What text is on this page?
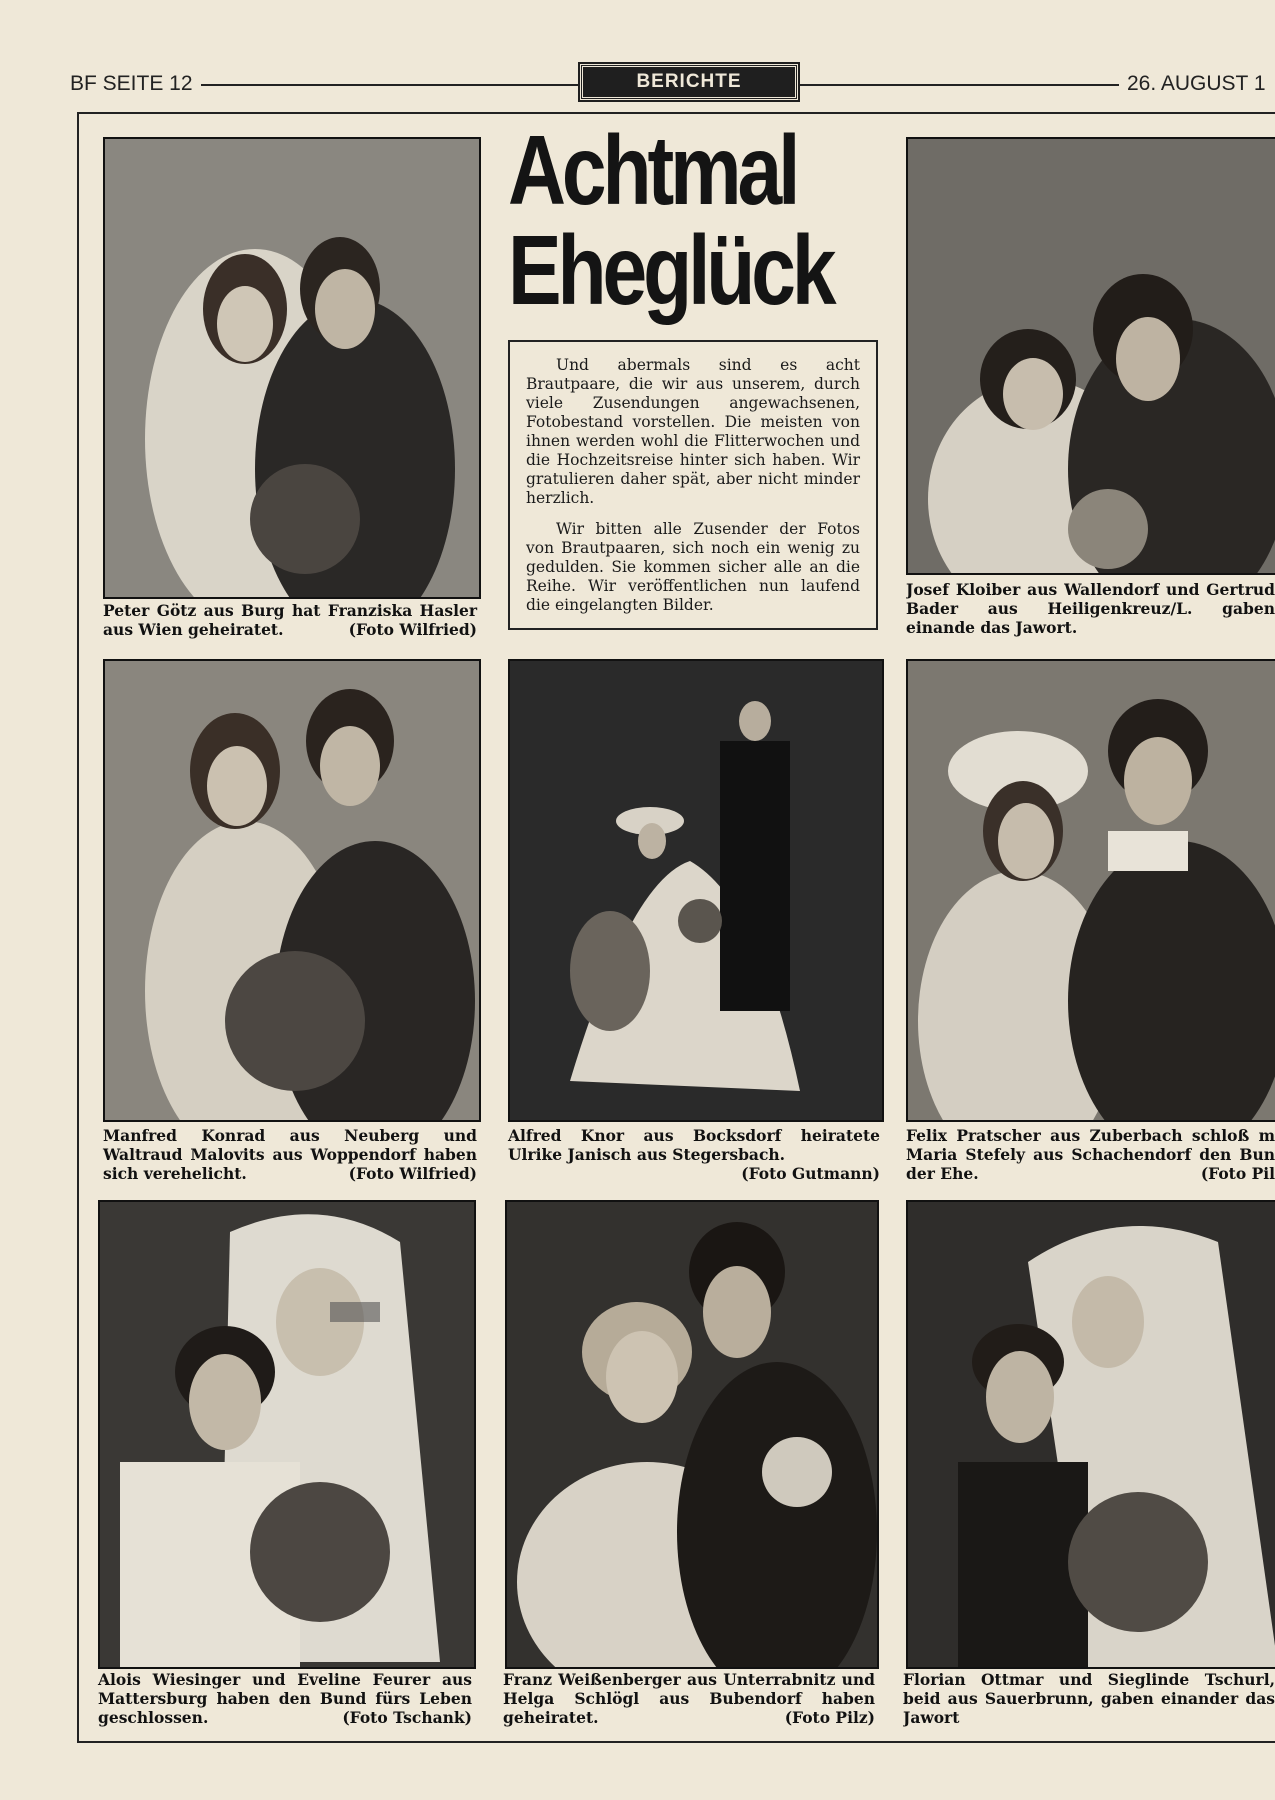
BF SEITE 12	BERICHTE	26. AUGUST 1
Achtmal
Eheglück

Und abermals sind es acht Brautpaare, die wir aus unserem, durch viele Zusendungen angewachsenen, Fotobestand vorstellen. Die meisten von ihnen werden wohl die Flitterwochen und die Hochzeitsreise hinter sich haben. Wir gratulieren daher spät, aber nicht minder herzlich.

Wir bitten alle Zusender der Fotos von Brautpaaren, sich noch ein wenig zu gedulden. Sie kommen sicher alle an die Reihe. Wir veröffentlichen nun laufend die eingelangten Bilder.

Peter Götz aus Burg hat Franziska Hasler aus Wien geheiratet.	(Foto Wilfried)
Josef Kloiber aus Wallendorf und Gertrud Bader aus Heiligenkreuz/L. gaben einande das Jawort.
Manfred Konrad aus Neuberg und Waltraud Malovits aus Woppendorf haben sich verehelicht.	(Foto Wilfried)
Alfred Knor aus Bocksdorf heiratete Ulrike Janisch aus Stegersbach.
(Foto Gutmann)
Felix Pratscher aus Zuberbach schloß m Maria Stefely aus Schachendorf den Bun der Ehe.	(Foto Pil
Alois Wiesinger und Eveline Feurer aus Mattersburg haben den Bund fürs Leben geschlossen.	(Foto Tschank)
Franz Weißenberger aus Unterrabnitz und Helga Schlögl aus Bubendorf haben geheiratet.	(Foto Pilz)
Florian Ottmar und Sieglinde Tschurl, beid aus Sauerbrunn, gaben einander das Jawort
